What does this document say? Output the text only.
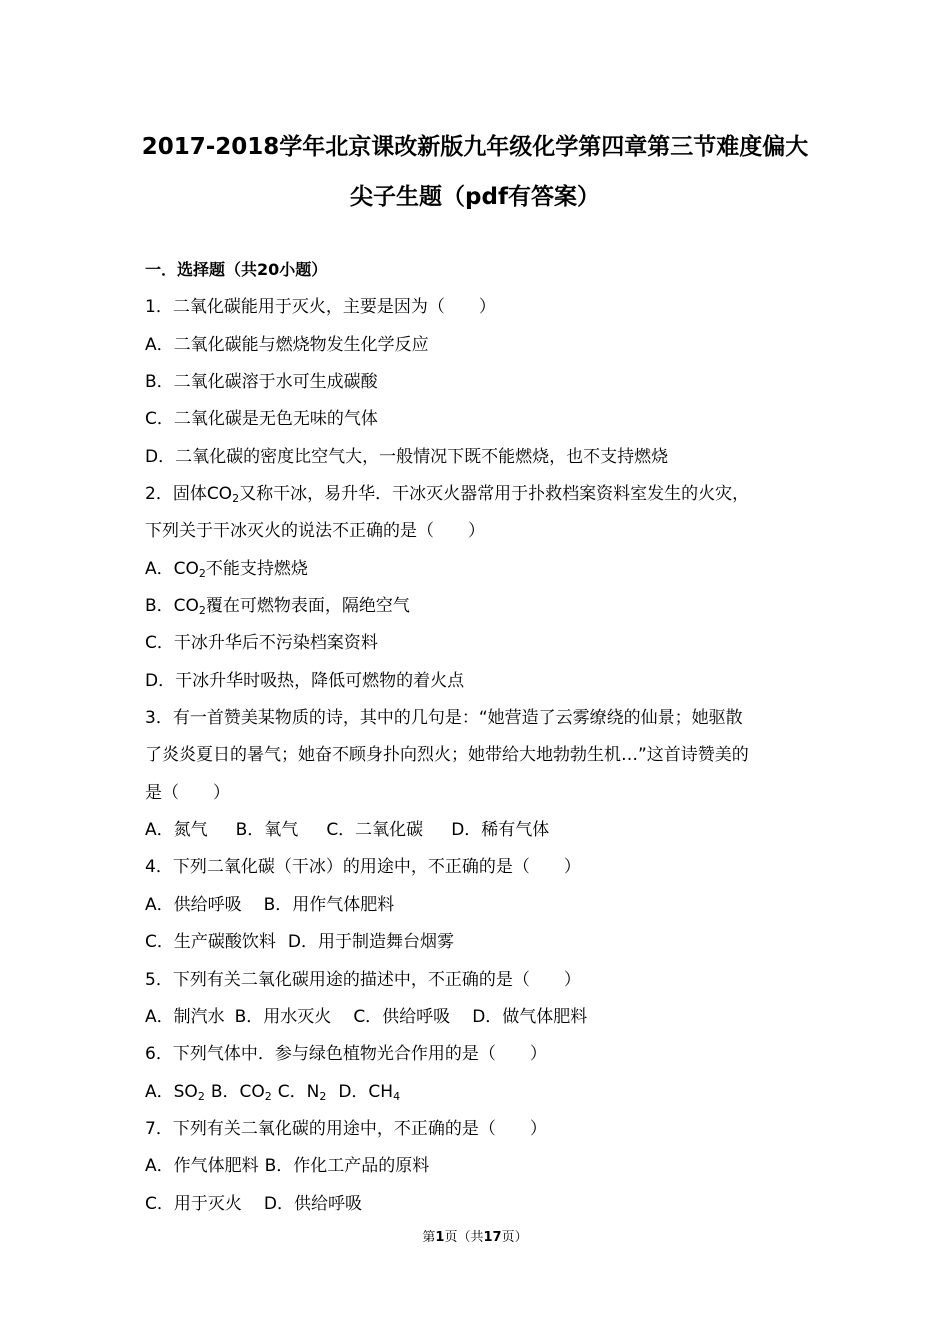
2017-2018学年北京课改新版九年级化学第四章第三节难度偏大
尖子生题（pdf有答案）
一．选择题（共20小题）
1．二氧化碳能用于灭火，主要是因为（　　）
A．二氧化碳能与燃烧物发生化学反应
B．二氧化碳溶于水可生成碳酸
C．二氧化碳是无色无味的气体
D．二氧化碳的密度比空气大，一般情况下既不能燃烧，也不支持燃烧
2．固体$CO_2$又称干冰，易升华．干冰灭火器常用于扑救档案资料室发生的火灾，
下列关于干冰灭火的说法不正确的是（　　）
A．$CO_2$不能支持燃烧
B．$CO_2$覆在可燃物表面，隔绝空气
C．干冰升华后不污染档案资料
D．干冰升华时吸热，降低可燃物的着火点
3．有一首赞美某物质的诗，其中的几句是：“她营造了云雾缭绕的仙景；她驱散
了炎炎夏日的暑气；她奋不顾身扑向烈火；她带给大地勃勃生机…”这首诗赞美的
是（　　）
A．氮气 B．氧气 C．二氧化碳 D．稀有气体
4．下列二氧化碳（干冰）的用途中，不正确的是（　　）
A．供给呼吸 B．用作气体肥料
C．生产碳酸饮料 D．用于制造舞台烟雾
5．下列有关二氧化碳用途的描述中，不正确的是（　　）
A．制汽水 B．用水灭火 C．供给呼吸 D．做气体肥料
6．下列气体中．参与绿色植物光合作用的是（　　）
A．$SO_2$ B．$CO_2$ C．$N_2$ D．$CH_4$
7．下列有关二氧化碳的用途中，不正确的是（　　）
A．作气体肥料 B．作化工产品的原料
C．用于灭火 D．供给呼吸
第1页（共17页）
